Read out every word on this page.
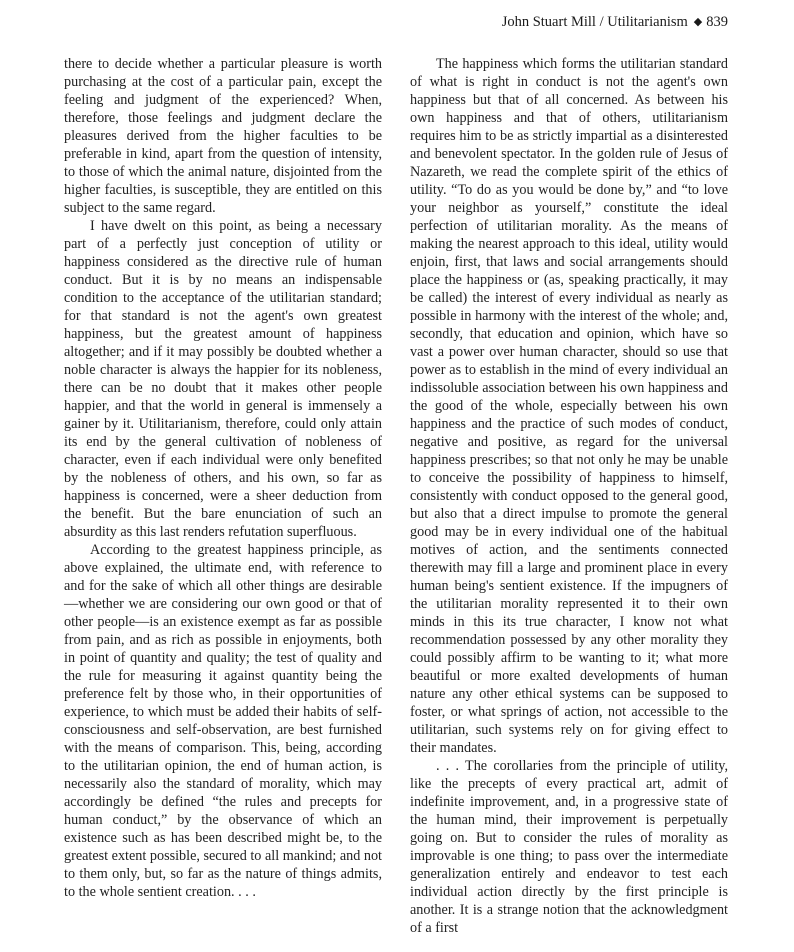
John Stuart Mill / Utilitarianism ◆ 839

there to decide whether a particular pleasure is worth purchasing at the cost of a particular pain, except the feeling and judgment of the experienced? When, therefore, those feelings and judgment declare the pleasures derived from the higher faculties to be preferable in kind, apart from the question of intensity, to those of which the animal nature, disjointed from the higher faculties, is susceptible, they are entitled on this subject to the same regard.

I have dwelt on this point, as being a necessary part of a perfectly just conception of utility or happiness considered as the directive rule of human conduct. But it is by no means an indispensable condition to the acceptance of the utilitarian standard; for that standard is not the agent's own greatest happiness, but the greatest amount of happiness altogether; and if it may possibly be doubted whether a noble character is always the happier for its nobleness, there can be no doubt that it makes other people happier, and that the world in general is immensely a gainer by it. Utilitarianism, therefore, could only attain its end by the general cultivation of nobleness of character, even if each individual were only benefited by the nobleness of others, and his own, so far as happiness is concerned, were a sheer deduction from the benefit. But the bare enunciation of such an absurdity as this last renders refutation superfluous.

According to the greatest happiness principle, as above explained, the ultimate end, with reference to and for the sake of which all other things are desirable—whether we are considering our own good or that of other people—is an existence exempt as far as possible from pain, and as rich as possible in enjoyments, both in point of quantity and quality; the test of quality and the rule for measuring it against quantity being the preference felt by those who, in their opportunities of experience, to which must be added their habits of self-consciousness and self-observation, are best furnished with the means of comparison. This, being, according to the utilitarian opinion, the end of human action, is necessarily also the standard of morality, which may accordingly be defined “the rules and precepts for human conduct,” by the observance of which an existence such as has been described might be, to the greatest extent possible, secured to all mankind; and not to them only, but, so far as the nature of things admits, to the whole sentient creation. . . .

The happiness which forms the utilitarian standard of what is right in conduct is not the agent's own happiness but that of all concerned. As between his own happiness and that of others, utilitarianism requires him to be as strictly impartial as a disinterested and benevolent spectator. In the golden rule of Jesus of Nazareth, we read the complete spirit of the ethics of utility. “To do as you would be done by,” and “to love your neighbor as yourself,” constitute the ideal perfection of utilitarian morality. As the means of making the nearest approach to this ideal, utility would enjoin, first, that laws and social arrangements should place the happiness or (as, speaking practically, it may be called) the interest of every individual as nearly as possible in harmony with the interest of the whole; and, secondly, that education and opinion, which have so vast a power over human character, should so use that power as to establish in the mind of every individual an indissoluble association between his own happiness and the good of the whole, especially between his own happiness and the practice of such modes of conduct, negative and positive, as regard for the universal happiness prescribes; so that not only he may be unable to conceive the possibility of happiness to himself, consistently with conduct opposed to the general good, but also that a direct impulse to promote the general good may be in every individual one of the habitual motives of action, and the sentiments connected therewith may fill a large and prominent place in every human being's sentient existence. If the impugners of the utilitarian morality represented it to their own minds in this its true character, I know not what recommendation possessed by any other morality they could possibly affirm to be wanting to it; what more beautiful or more exalted developments of human nature any other ethical systems can be supposed to foster, or what springs of action, not accessible to the utilitarian, such systems rely on for giving effect to their mandates.

. . . The corollaries from the principle of utility, like the precepts of every practical art, admit of indefinite improvement, and, in a progressive state of the human mind, their improvement is perpetually going on. But to consider the rules of morality as improvable is one thing; to pass over the intermediate generalization entirely and endeavor to test each individual action directly by the first principle is another. It is a strange notion that the acknowledgment of a first
